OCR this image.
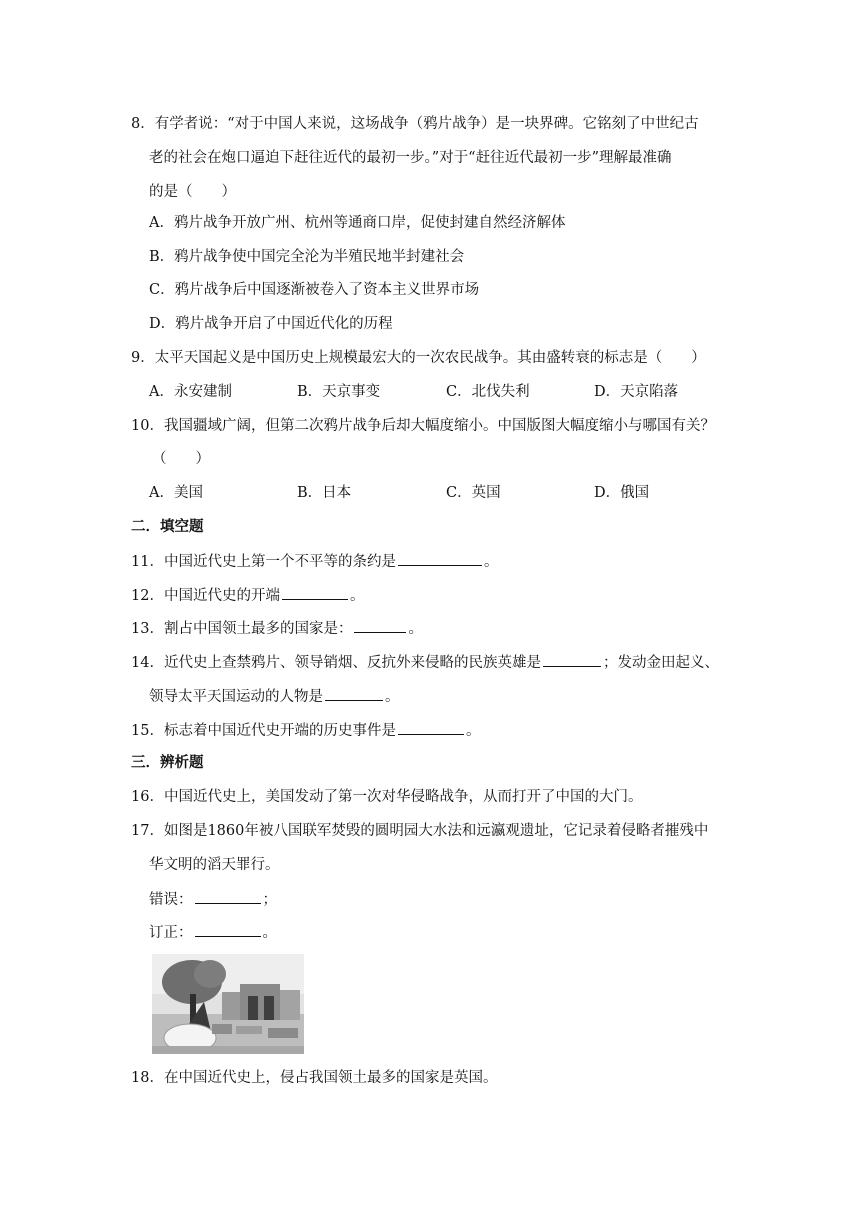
8．有学者说：“对于中国人来说，这场战争（鸦片战争）是一块界碑。它铭刻了中世纪古
老的社会在炮口逼迫下赶往近代的最初一步。”对于“赶往近代最初一步”理解最准确
的是（　　）
A．鸦片战争开放广州、杭州等通商口岸，促使封建自然经济解体
B．鸦片战争使中国完全沦为半殖民地半封建社会
C．鸦片战争后中国逐渐被卷入了资本主义世界市场
D．鸦片战争开启了中国近代化的历程
9．太平天国起义是中国历史上规模最宏大的一次农民战争。其由盛转衰的标志是（　　）
A．永安建制	B．天京事变	C．北伐失利	D．天京陷落
10．我国疆域广阔，但第二次鸦片战争后却大幅度缩小。中国版图大幅度缩小与哪国有关？
（　　）
A．美国	B．日本	C．英国	D．俄国
二．填空题
11．中国近代史上第一个不平等的条约是	。
12．中国近代史的开端	。
13．割占中国领土最多的国家是：	。
14．近代史上查禁鸦片、领导销烟、反抗外来侵略的民族英雄是	；发动金田起义、
领导太平天国运动的人物是	。
15．标志着中国近代史开端的历史事件是	。
三．辨析题
16．中国近代史上，美国发动了第一次对华侵略战争，从而打开了中国的大门。
17．如图是1860年被八国联军焚毁的圆明园大水法和远瀛观遗址，它记录着侵略者摧残中
华文明的滔天罪行。
错误：	；
订正：	。
18．在中国近代史上，侵占我国领土最多的国家是英国。
